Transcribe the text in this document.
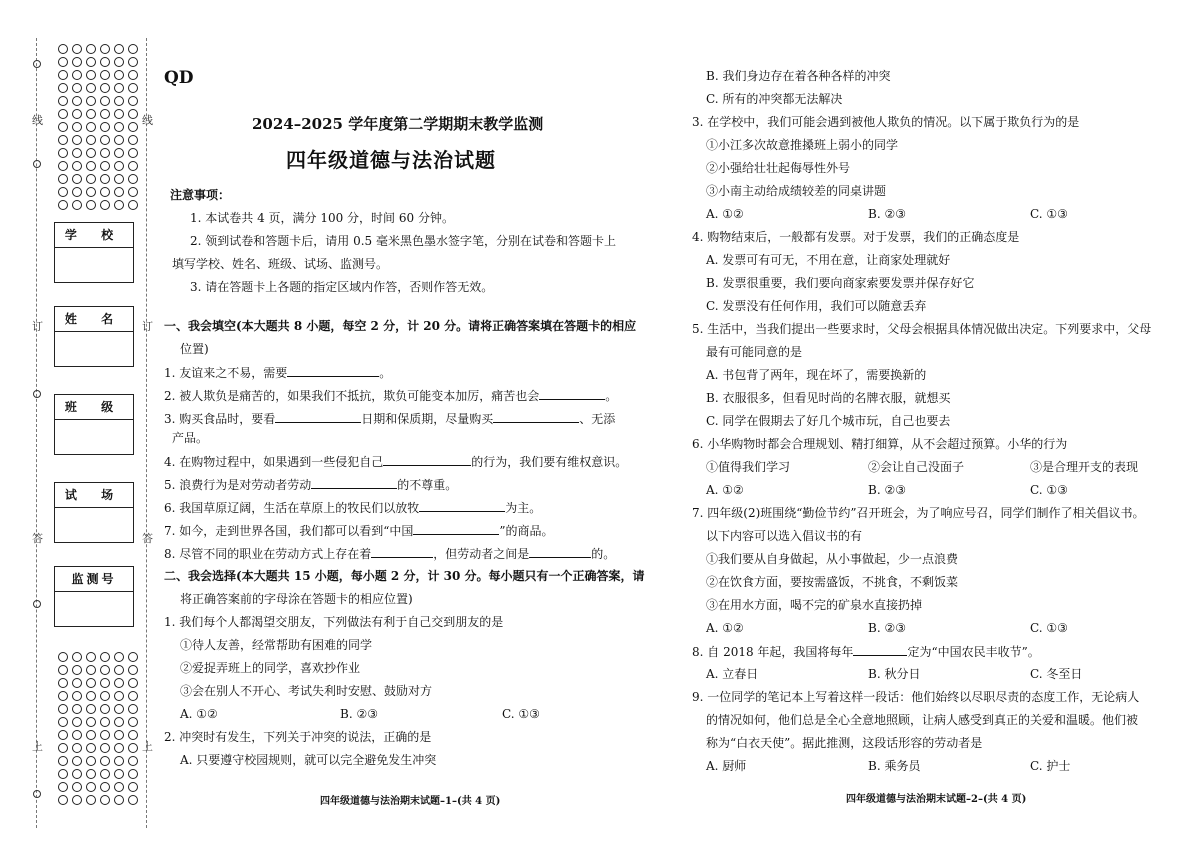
线	线
订	订
答	答
上	上
学 校
姓 名
班 级
试 场
监测号
QD
2024–2025 学年度第二学期期末教学监测
四年级道德与法治试题
注意事项：
1. 本试卷共 4 页，满分 100 分，时间 60 分钟。
2. 领到试卷和答题卡后，请用 0.5 毫米黑色墨水签字笔，分别在试卷和答题卡上
填写学校、姓名、班级、试场、监测号。
3. 请在答题卡上各题的指定区域内作答，否则作答无效。
一、我会填空(本大题共 8 小题，每空 2 分，计 20 分。请将正确答案填在答题卡的相应
位置)
1. 友谊来之不易，需要	。
2. 被人欺负是痛苦的，如果我们不抵抗，欺负可能变本加厉，痛苦也会	。
3. 购买食品时，要看	日期和保质期，尽量购买	、无添
产品。
4. 在购物过程中，如果遇到一些侵犯自己	的行为，我们要有维权意识。
5. 浪费行为是对劳动者劳动	的不尊重。
6. 我国草原辽阔，生活在草原上的牧民们以放牧	为主。
7. 如今，走到世界各国，我们都可以看到“中国	”的商品。
8. 尽管不同的职业在劳动方式上存在着	，但劳动者之间是	的。
二、我会选择(本大题共 15 小题，每小题 2 分，计 30 分。每小题只有一个正确答案，请
将正确答案前的字母涂在答题卡的相应位置)
1. 我们每个人都渴望交朋友，下列做法有利于自己交到朋友的是
①待人友善，经常帮助有困难的同学
②爱捉弄班上的同学，喜欢抄作业
③会在别人不开心、考试失利时安慰、鼓励对方
A. ①②	B. ②③	C. ①③
2. 冲突时有发生，下列关于冲突的说法，正确的是
A. 只要遵守校园规则，就可以完全避免发生冲突
四年级道德与法治期末试题–1–(共 4 页)
B. 我们身边存在着各种各样的冲突
C. 所有的冲突都无法解决
3. 在学校中，我们可能会遇到被他人欺负的情况。以下属于欺负行为的是
①小江多次故意推搡班上弱小的同学
②小强给壮壮起侮辱性外号
③小南主动给成绩较差的同桌讲题
A. ①②	B. ②③	C. ①③
4. 购物结束后，一般都有发票。对于发票，我们的正确态度是
A. 发票可有可无，不用在意，让商家处理就好
B. 发票很重要，我们要向商家索要发票并保存好它
C. 发票没有任何作用，我们可以随意丢弃
5. 生活中，当我们提出一些要求时，父母会根据具体情况做出决定。下列要求中，父母
最有可能同意的是
A. 书包背了两年，现在坏了，需要换新的
B. 衣服很多，但看见时尚的名牌衣服，就想买
C. 同学在假期去了好几个城市玩，自己也要去
6. 小华购物时都会合理规划、精打细算，从不会超过预算。小华的行为
①值得我们学习	②会让自己没面子	③是合理开支的表现
A. ①②	B. ②③	C. ①③
7. 四年级(2)班围绕“勤俭节约”召开班会，为了响应号召，同学们制作了相关倡议书。
以下内容可以选入倡议书的有
①我们要从自身做起，从小事做起，少一点浪费
②在饮食方面，要按需盛饭，不挑食，不剩饭菜
③在用水方面，喝不完的矿泉水直接扔掉
A. ①②	B. ②③	C. ①③
8. 自 2018 年起，我国将每年	定为“中国农民丰收节”。
A. 立春日	B. 秋分日	C. 冬至日
9. 一位同学的笔记本上写着这样一段话：他们始终以尽职尽责的态度工作，无论病人
的情况如何，他们总是全心全意地照顾，让病人感受到真正的关爱和温暖。他们被
称为“白衣天使”。据此推测，这段话形容的劳动者是
A. 厨师	B. 乘务员	C. 护士
四年级道德与法治期末试题–2–(共 4 页)
